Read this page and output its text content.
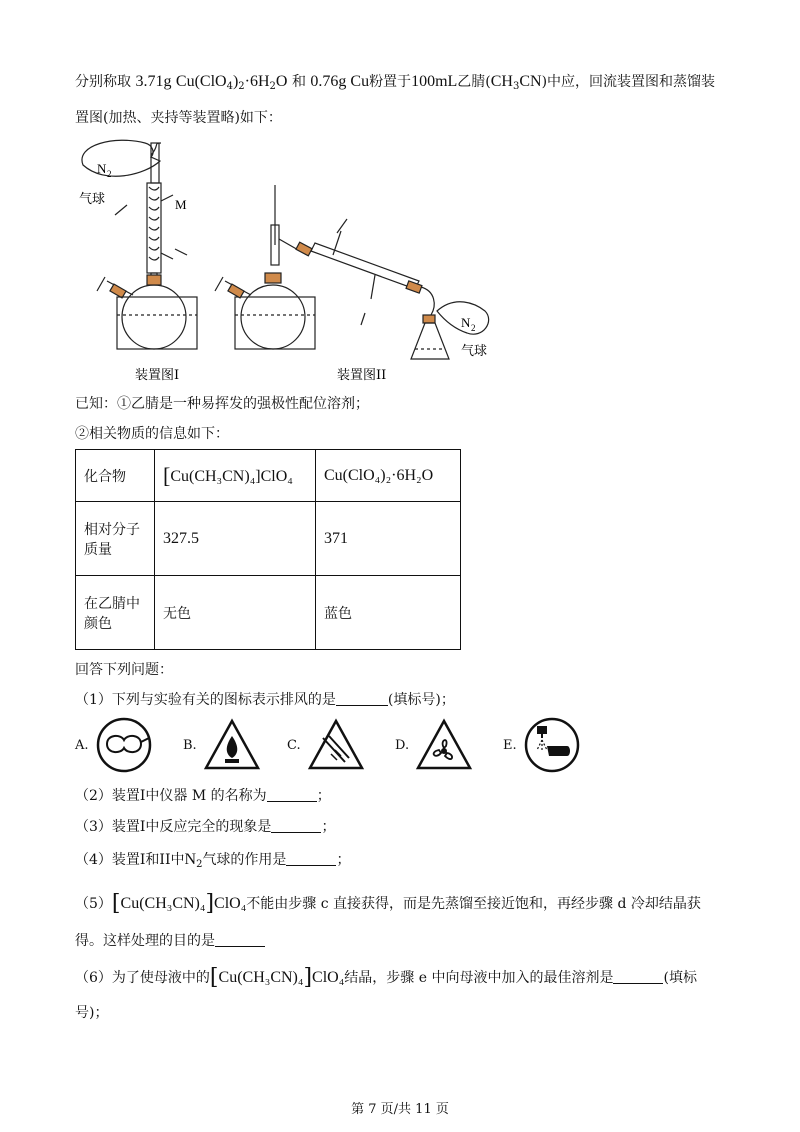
分别称取 3.71g $Cu(ClO_4)_2\cdot 6H_2O$ 和 0.76g Cu粉置于100mL乙腈$(CH_3CN)$中应，回流装置图和蒸馏装
置图(加热、夹持等装置略)如下：
N 2
气球	M
N 2
气球
装置图I	装置图II
已知：①乙腈是一种易挥发的强极性配位溶剂；
②相关物质的信息如下：
化合物	[Cu(CH₃CN)₄]ClO₄	Cu(ClO₄)₂·6H₂O

相对分子
质量	327.5	371

在乙腈中
颜色	无色	蓝色
回答下列问题：
（1）下列与实验有关的图标表示排风的是	(填标号)；
A.	B.	C.	D.	E.
（2）装置I中仪器 M 的名称为	；
（3）装置I中反应完全的现象是	；
（4）装置I和II中$N_2$气球的作用是	；
（5）[Cu(CH₃CN)₄]ClO₄不能由步骤 c 直接获得，而是先蒸馏至接近饱和，再经步骤 d 冷却结晶获
得。这样处理的目的是
（6）为了使母液中的[Cu(CH₃CN)₄]ClO₄结晶，步骤 e 中向母液中加入的最佳溶剂是	(填标
号)；
第 7 页/共 11 页
